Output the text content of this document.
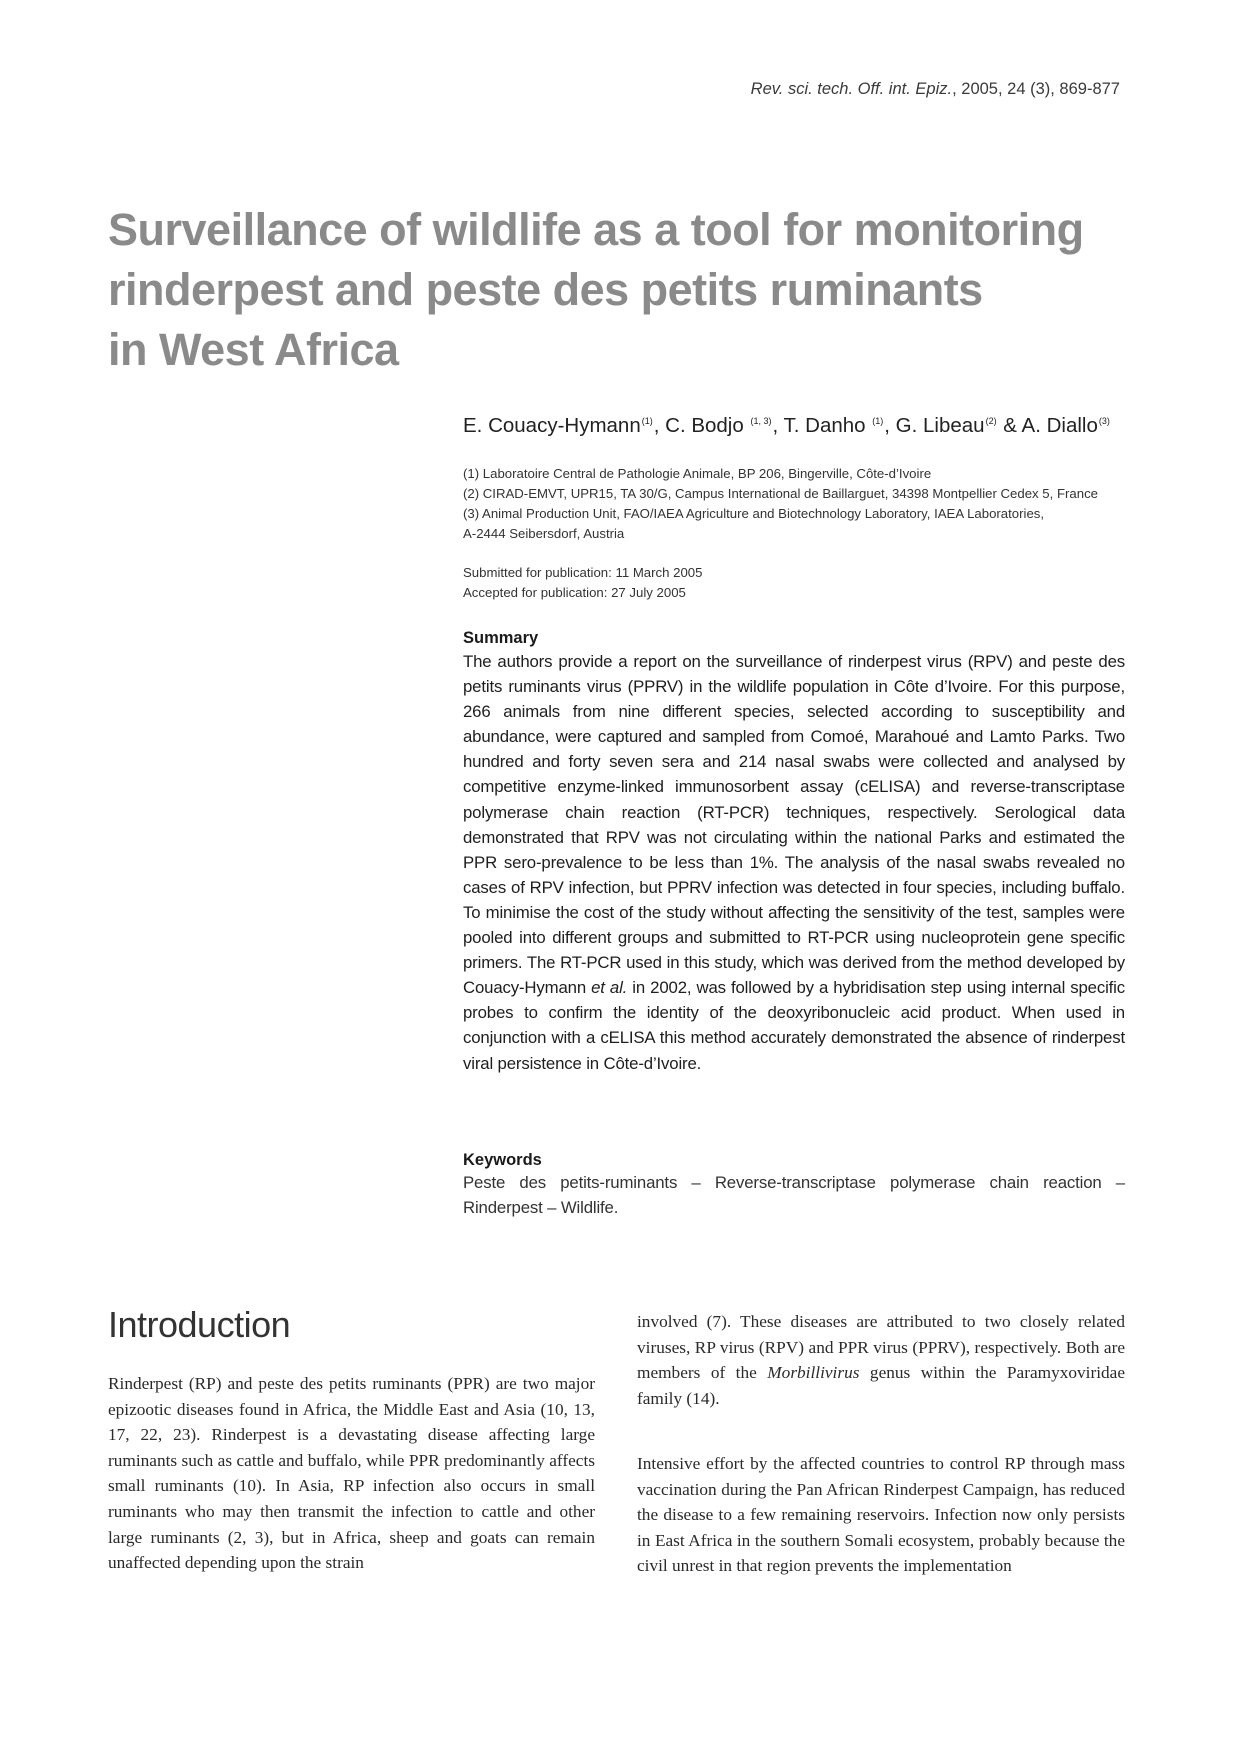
Rev. sci. tech. Off. int. Epiz., 2005, 24 (3), 869-877
Surveillance of wildlife as a tool for monitoring
rinderpest and peste des petits ruminants
in West Africa
E. Couacy-Hymann$^{(1)}$, C. Bodjo $^{(1, 3)}$, T. Danho $^{(1)}$, G. Libeau$^{(2)}$ & A. Diallo$^{(3)}$
(1) Laboratoire Central de Pathologie Animale, BP 206, Bingerville, Côte-d’Ivoire
(2) CIRAD-EMVT, UPR15, TA 30/G, Campus International de Baillarguet, 34398 Montpellier Cedex 5, France
(3) Animal Production Unit, FAO/IAEA Agriculture and Biotechnology Laboratory, IAEA Laboratories,
A-2444 Seibersdorf, Austria
Submitted for publication: 11 March 2005
Accepted for publication: 27 July 2005
Summary
The authors provide a report on the surveillance of rinderpest virus (RPV) and peste des petits ruminants virus (PPRV) in the wildlife population in Côte d’Ivoire. For this purpose, 266 animals from nine different species, selected according to susceptibility and abundance, were captured and sampled from Comoé, Marahoué and Lamto Parks. Two hundred and forty seven sera and 214 nasal swabs were collected and analysed by competitive enzyme-linked immunosorbent assay (cELISA) and reverse-transcriptase polymerase chain reaction (RT-PCR) techniques, respectively. Serological data demonstrated that RPV was not circulating within the national Parks and estimated the PPR sero-prevalence to be less than 1%. The analysis of the nasal swabs revealed no cases of RPV infection, but PPRV infection was detected in four species, including buffalo. To minimise the cost of the study without affecting the sensitivity of the test, samples were pooled into different groups and submitted to RT-PCR using nucleoprotein gene specific primers. The RT-PCR used in this study, which was derived from the method developed by Couacy-Hymann et al. in 2002, was followed by a hybridisation step using internal specific probes to confirm the identity of the deoxyribonucleic acid product. When used in conjunction with a cELISA this method accurately demonstrated the absence of rinderpest viral persistence in Côte-d’Ivoire.
Keywords
Peste des petits-ruminants – Reverse-transcriptase polymerase chain reaction – Rinderpest – Wildlife.
Introduction

Rinderpest (RP) and peste des petits ruminants (PPR) are two major epizootic diseases found in Africa, the Middle East and Asia (10, 13, 17, 22, 23). Rinderpest is a devastating disease affecting large ruminants such as cattle and buffalo, while PPR predominantly affects small ruminants (10). In Asia, RP infection also occurs in small ruminants who may then transmit the infection to cattle and other large ruminants (2, 3), but in Africa, sheep and goats can remain unaffected depending upon the strain

involved (7). These diseases are attributed to two closely related viruses, RP virus (RPV) and PPR virus (PPRV), respectively. Both are members of the Morbillivirus genus within the Paramyxoviridae family (14).

Intensive effort by the affected countries to control RP through mass vaccination during the Pan African Rinderpest Campaign, has reduced the disease to a few remaining reservoirs. Infection now only persists in East Africa in the southern Somali ecosystem, probably because the civil unrest in that region prevents the implementation
